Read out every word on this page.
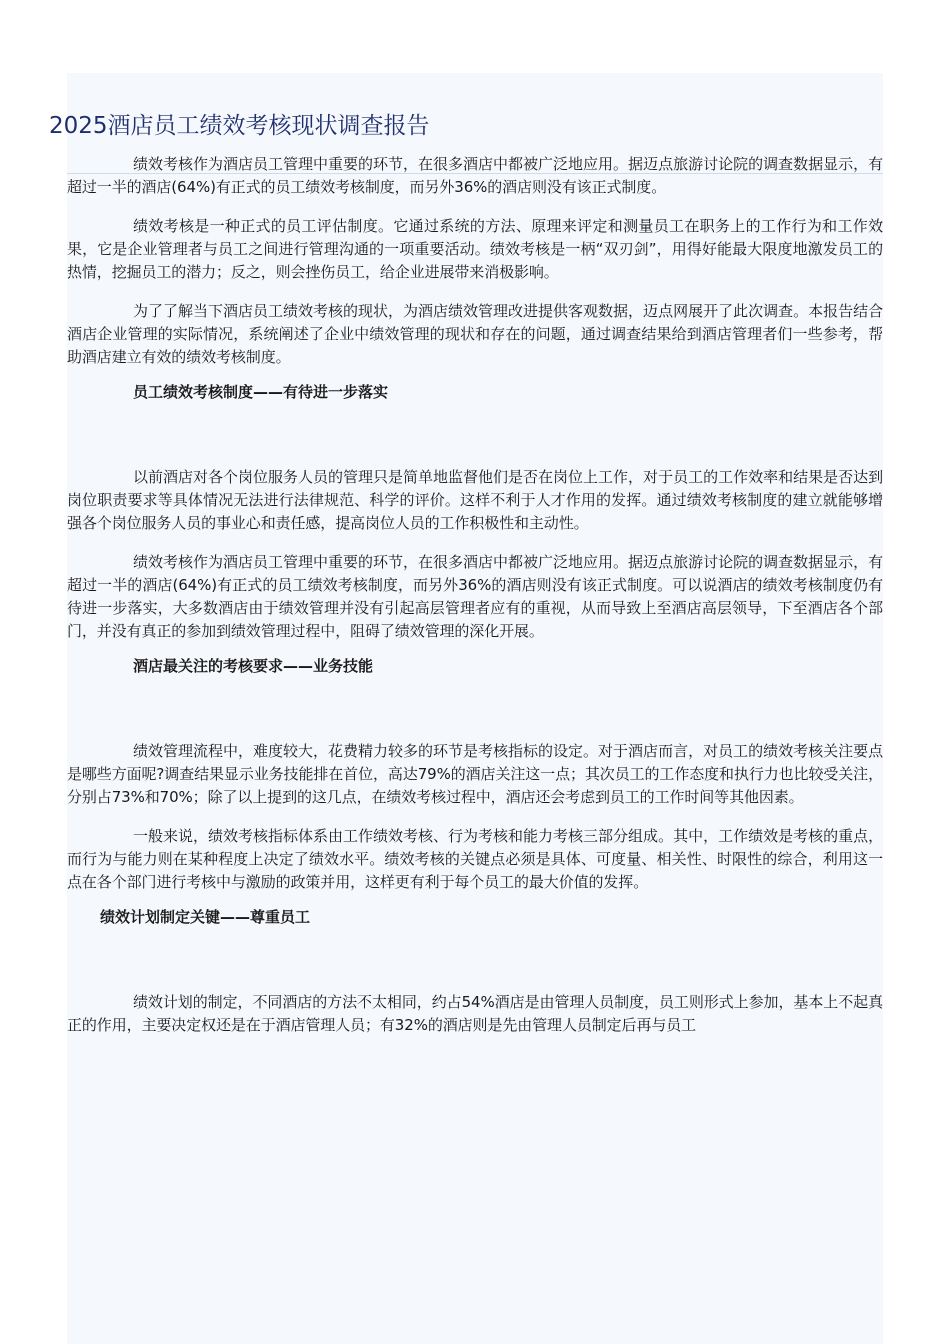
2025酒店员工绩效考核现状调查报告

绩效考核作为酒店员工管理中重要的环节，在很多酒店中都被广泛地应用。据迈点旅游讨论院的调查数据显示，有超过一半的酒店(64%)有正式的员工绩效考核制度，而另外36%的酒店则没有该正式制度。

绩效考核是一种正式的员工评估制度。它通过系统的方法、原理来评定和测量员工在职务上的工作行为和工作效果，它是企业管理者与员工之间进行管理沟通的一项重要活动。绩效考核是一柄“双刃剑”，用得好能最大限度地激发员工的热情，挖掘员工的潜力；反之，则会挫伤员工，给企业进展带来消极影响。

为了了解当下酒店员工绩效考核的现状，为酒店绩效管理改进提供客观数据，迈点网展开了此次调查。本报告结合酒店企业管理的实际情况，系统阐述了企业中绩效管理的现状和存在的问题，通过调查结果给到酒店管理者们一些参考，帮助酒店建立有效的绩效考核制度。

员工绩效考核制度——有待进一步落实

以前酒店对各个岗位服务人员的管理只是简单地监督他们是否在岗位上工作，对于员工的工作效率和结果是否达到岗位职责要求等具体情况无法进行法律规范、科学的评价。这样不利于人才作用的发挥。通过绩效考核制度的建立就能够增强各个岗位服务人员的事业心和责任感，提高岗位人员的工作积极性和主动性。

绩效考核作为酒店员工管理中重要的环节，在很多酒店中都被广泛地应用。据迈点旅游讨论院的调查数据显示，有超过一半的酒店(64%)有正式的员工绩效考核制度，而另外36%的酒店则没有该正式制度。可以说酒店的绩效考核制度仍有待进一步落实，大多数酒店由于绩效管理并没有引起高层管理者应有的重视，从而导致上至酒店高层领导，下至酒店各个部门，并没有真正的参加到绩效管理过程中，阻碍了绩效管理的深化开展。

酒店最关注的考核要求——业务技能

绩效管理流程中，难度较大，花费精力较多的环节是考核指标的设定。对于酒店而言，对员工的绩效考核关注要点是哪些方面呢?调查结果显示业务技能排在首位，高达79%的酒店关注这一点；其次员工的工作态度和执行力也比较受关注，分别占73%和70%；除了以上提到的这几点，在绩效考核过程中，酒店还会考虑到员工的工作时间等其他因素。

一般来说，绩效考核指标体系由工作绩效考核、行为考核和能力考核三部分组成。其中，工作绩效是考核的重点，而行为与能力则在某种程度上决定了绩效水平。绩效考核的关键点必须是具体、可度量、相关性、时限性的综合，利用这一点在各个部门进行考核中与激励的政策并用，这样更有利于每个员工的最大价值的发挥。

绩效计划制定关键——尊重员工

绩效计划的制定，不同酒店的方法不太相同，约占54%酒店是由管理人员制度，员工则形式上参加，基本上不起真正的作用，主要决定权还是在于酒店管理人员；有32%的酒店则是先由管理人员制定后再与员工
